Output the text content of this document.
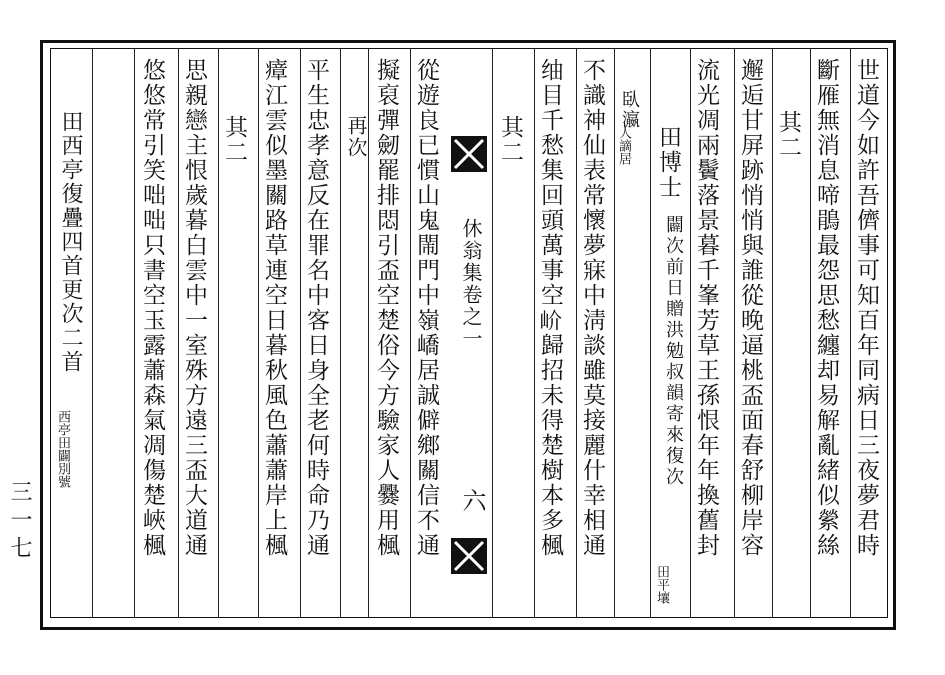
世道今如許吾儕事可知百年同病日三夜夢君時
斷雁無消息啼鵑最怨思愁纏却易解亂緒似縈絲
其二
邂逅甘屏跡悄悄與誰從晚逼桃盃面春舒柳岸容
流光凋兩鬢落景暮千峯芳草王孫恨年年換舊封
田博士
闢次前日贈洪勉叔韻寄來復次
田平壤
臥瀛
人謫居
不識神仙表常懷夢寐中淸談雖莫接麗什幸相通
䌷目千愁集回頭萬事空𡵚歸招未得楚樹本多楓
其二
休翁集卷之一
六
從遊良已慣山鬼閙門中嶺嶠居誠僻鄉關信不通
擬裒彈劒罷排悶引盃空楚俗今方驗家人爨用楓
再次
平生忠孝意反在罪名中客日身全老何時命乃通
瘴江雲似墨關路草連空日暮秋風色蕭蕭岸上楓
其二
思親戀主恨歲暮白雲中一室殊方遠三盃大道通
悠悠常引笑咄咄只書空玉露蕭森氣凋傷楚峽楓
田西亭復疊四首更次二首
西亭田闢別號
三一七
